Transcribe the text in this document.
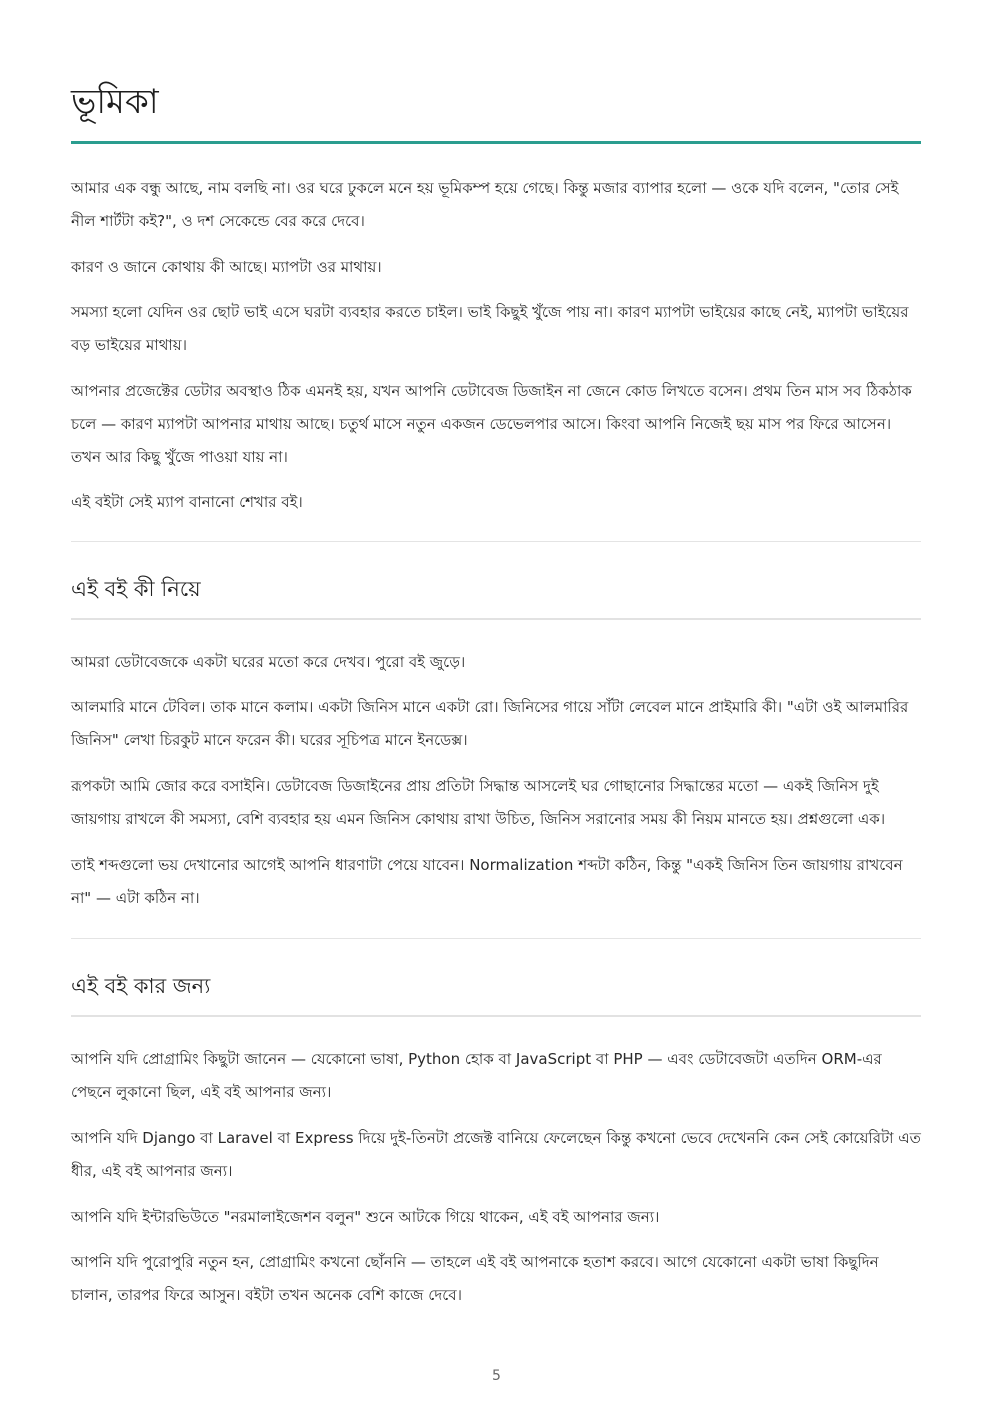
ভূমিকা

আমার এক বন্ধু আছে, নাম বলছি না। ওর ঘরে ঢুকলে মনে হয় ভূমিকম্প হয়ে গেছে। কিন্তু মজার ব্যাপার হলো — ওকে যদি বলেন, "তোর সেই নীল শার্টটা কই?", ও দশ সেকেন্ডে বের করে দেবে।

কারণ ও জানে কোথায় কী আছে। ম্যাপটা ওর মাথায়।

সমস্যা হলো যেদিন ওর ছোট ভাই এসে ঘরটা ব্যবহার করতে চাইল। ভাই কিছুই খুঁজে পায় না। কারণ ম্যাপটা ভাইয়ের কাছে নেই, ম্যাপটা ভাইয়ের বড় ভাইয়ের মাথায়।

আপনার প্রজেক্টের ডেটার অবস্থাও ঠিক এমনই হয়, যখন আপনি ডেটাবেজ ডিজাইন না জেনে কোড লিখতে বসেন। প্রথম তিন মাস সব ঠিকঠাক চলে — কারণ ম্যাপটা আপনার মাথায় আছে। চতুর্থ মাসে নতুন একজন ডেভেলপার আসে। কিংবা আপনি নিজেই ছয় মাস পর ফিরে আসেন। তখন আর কিছু খুঁজে পাওয়া যায় না।

এই বইটা সেই ম্যাপ বানানো শেখার বই।

এই বই কী নিয়ে

আমরা ডেটাবেজকে একটা ঘরের মতো করে দেখব। পুরো বই জুড়ে।

আলমারি মানে টেবিল। তাক মানে কলাম। একটা জিনিস মানে একটা রো। জিনিসের গায়ে সাঁটা লেবেল মানে প্রাইমারি কী। "এটা ওই আলমারির জিনিস" লেখা চিরকুট মানে ফরেন কী। ঘরের সূচিপত্র মানে ইনডেক্স।

রূপকটা আমি জোর করে বসাইনি। ডেটাবেজ ডিজাইনের প্রায় প্রতিটা সিদ্ধান্ত আসলেই ঘর গোছানোর সিদ্ধান্তের মতো — একই জিনিস দুই জায়গায় রাখলে কী সমস্যা, বেশি ব্যবহার হয় এমন জিনিস কোথায় রাখা উচিত, জিনিস সরানোর সময় কী নিয়ম মানতে হয়। প্রশ্নগুলো এক।

তাই শব্দগুলো ভয় দেখানোর আগেই আপনি ধারণাটা পেয়ে যাবেন। Normalization শব্দটা কঠিন, কিন্তু "একই জিনিস তিন জায়গায় রাখবেন না" — এটা কঠিন না।

এই বই কার জন্য

আপনি যদি প্রোগ্রামিং কিছুটা জানেন — যেকোনো ভাষা, Python হোক বা JavaScript বা PHP — এবং ডেটাবেজটা এতদিন ORM-এর পেছনে লুকানো ছিল, এই বই আপনার জন্য।

আপনি যদি Django বা Laravel বা Express দিয়ে দুই-তিনটা প্রজেক্ট বানিয়ে ফেলেছেন কিন্তু কখনো ভেবে দেখেননি কেন সেই কোয়েরিটা এত ধীর, এই বই আপনার জন্য।

আপনি যদি ইন্টারভিউতে "নরমালাইজেশন বলুন" শুনে আটকে গিয়ে থাকেন, এই বই আপনার জন্য।

আপনি যদি পুরোপুরি নতুন হন, প্রোগ্রামিং কখনো ছোঁননি — তাহলে এই বই আপনাকে হতাশ করবে। আগে যেকোনো একটা ভাষা কিছুদিন চালান, তারপর ফিরে আসুন। বইটা তখন অনেক বেশি কাজে দেবে।

5
